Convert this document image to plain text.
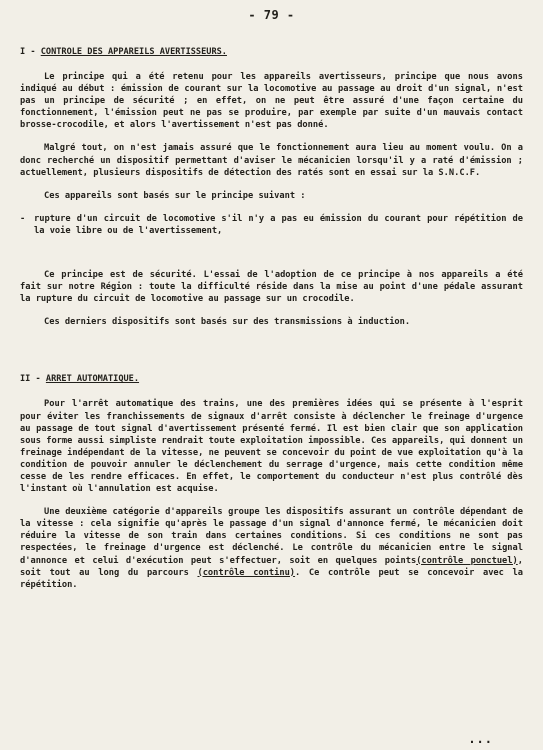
- 79 -
I - CONTROLE DES APPAREILS AVERTISSEURS.

Le principe qui a été retenu pour les appareils avertisseurs, principe que nous avons indiqué au début : émission de courant sur la locomotive au passage au droit d'un signal, n'est pas un principe de sécurité ; en effet, on ne peut être assuré d'une façon certaine du fonctionnement, l'émission peut ne pas se produire, par exemple par suite d'un mauvais contact brosse-crocodile, et alors l'avertissement n'est pas donné.

Malgré tout, on n'est jamais assuré que le fonctionnement aura lieu au moment voulu. On a donc recherché un dispositif permettant d'aviser le mécanicien lorsqu'il y a raté d'émission ; actuellement, plusieurs dispositifs de détection des ratés sont en essai sur la S.N.C.F.

Ces appareils sont basés sur le principe suivant :

-	rupture d'un circuit de locomotive s'il n'y a pas eu émission du courant pour répétition de la voie libre ou de l'avertissement,

Ce principe est de sécurité. L'essai de l'adoption de ce principe à nos appareils a été fait sur notre Région : toute la difficulté réside dans la mise au point d'une pédale assurant la rupture du circuit de locomotive au passage sur un crocodile.

Ces derniers dispositifs sont basés sur des transmissions à induction.

II - ARRET AUTOMATIQUE.

Pour l'arrêt automatique des trains, une des premières idées qui se présente à l'esprit pour éviter les franchissements de signaux d'arrêt consiste à déclencher le freinage d'urgence au passage de tout signal d'avertissement présenté fermé. Il est bien clair que son application sous forme aussi simpliste rendrait toute exploitation impossible. Ces appareils, qui donnent un freinage indépendant de la vitesse, ne peuvent se concevoir du point de vue exploitation qu'à la condition de pouvoir annuler le déclenchement du serrage d'urgence, mais cette condition même cesse de les rendre efficaces. En effet, le comportement du conducteur n'est plus contrôlé dès l'instant où l'annulation est acquise.

Une deuxième catégorie d'appareils groupe les dispositifs assurant un contrôle dépendant de la vitesse : cela signifie qu'après le passage d'un signal d'annonce fermé, le mécanicien doit réduire la vitesse de son train dans certaines conditions. Si ces conditions ne sont pas respectées, le freinage d'urgence est déclenché. Le contrôle du mécanicien entre le signal d'annonce et celui d'exécution peut s'effectuer, soit en quelques points(contrôle ponctuel), soit tout au long du parcours (contrôle continu). Ce contrôle peut se concevoir avec la répétition.

...
